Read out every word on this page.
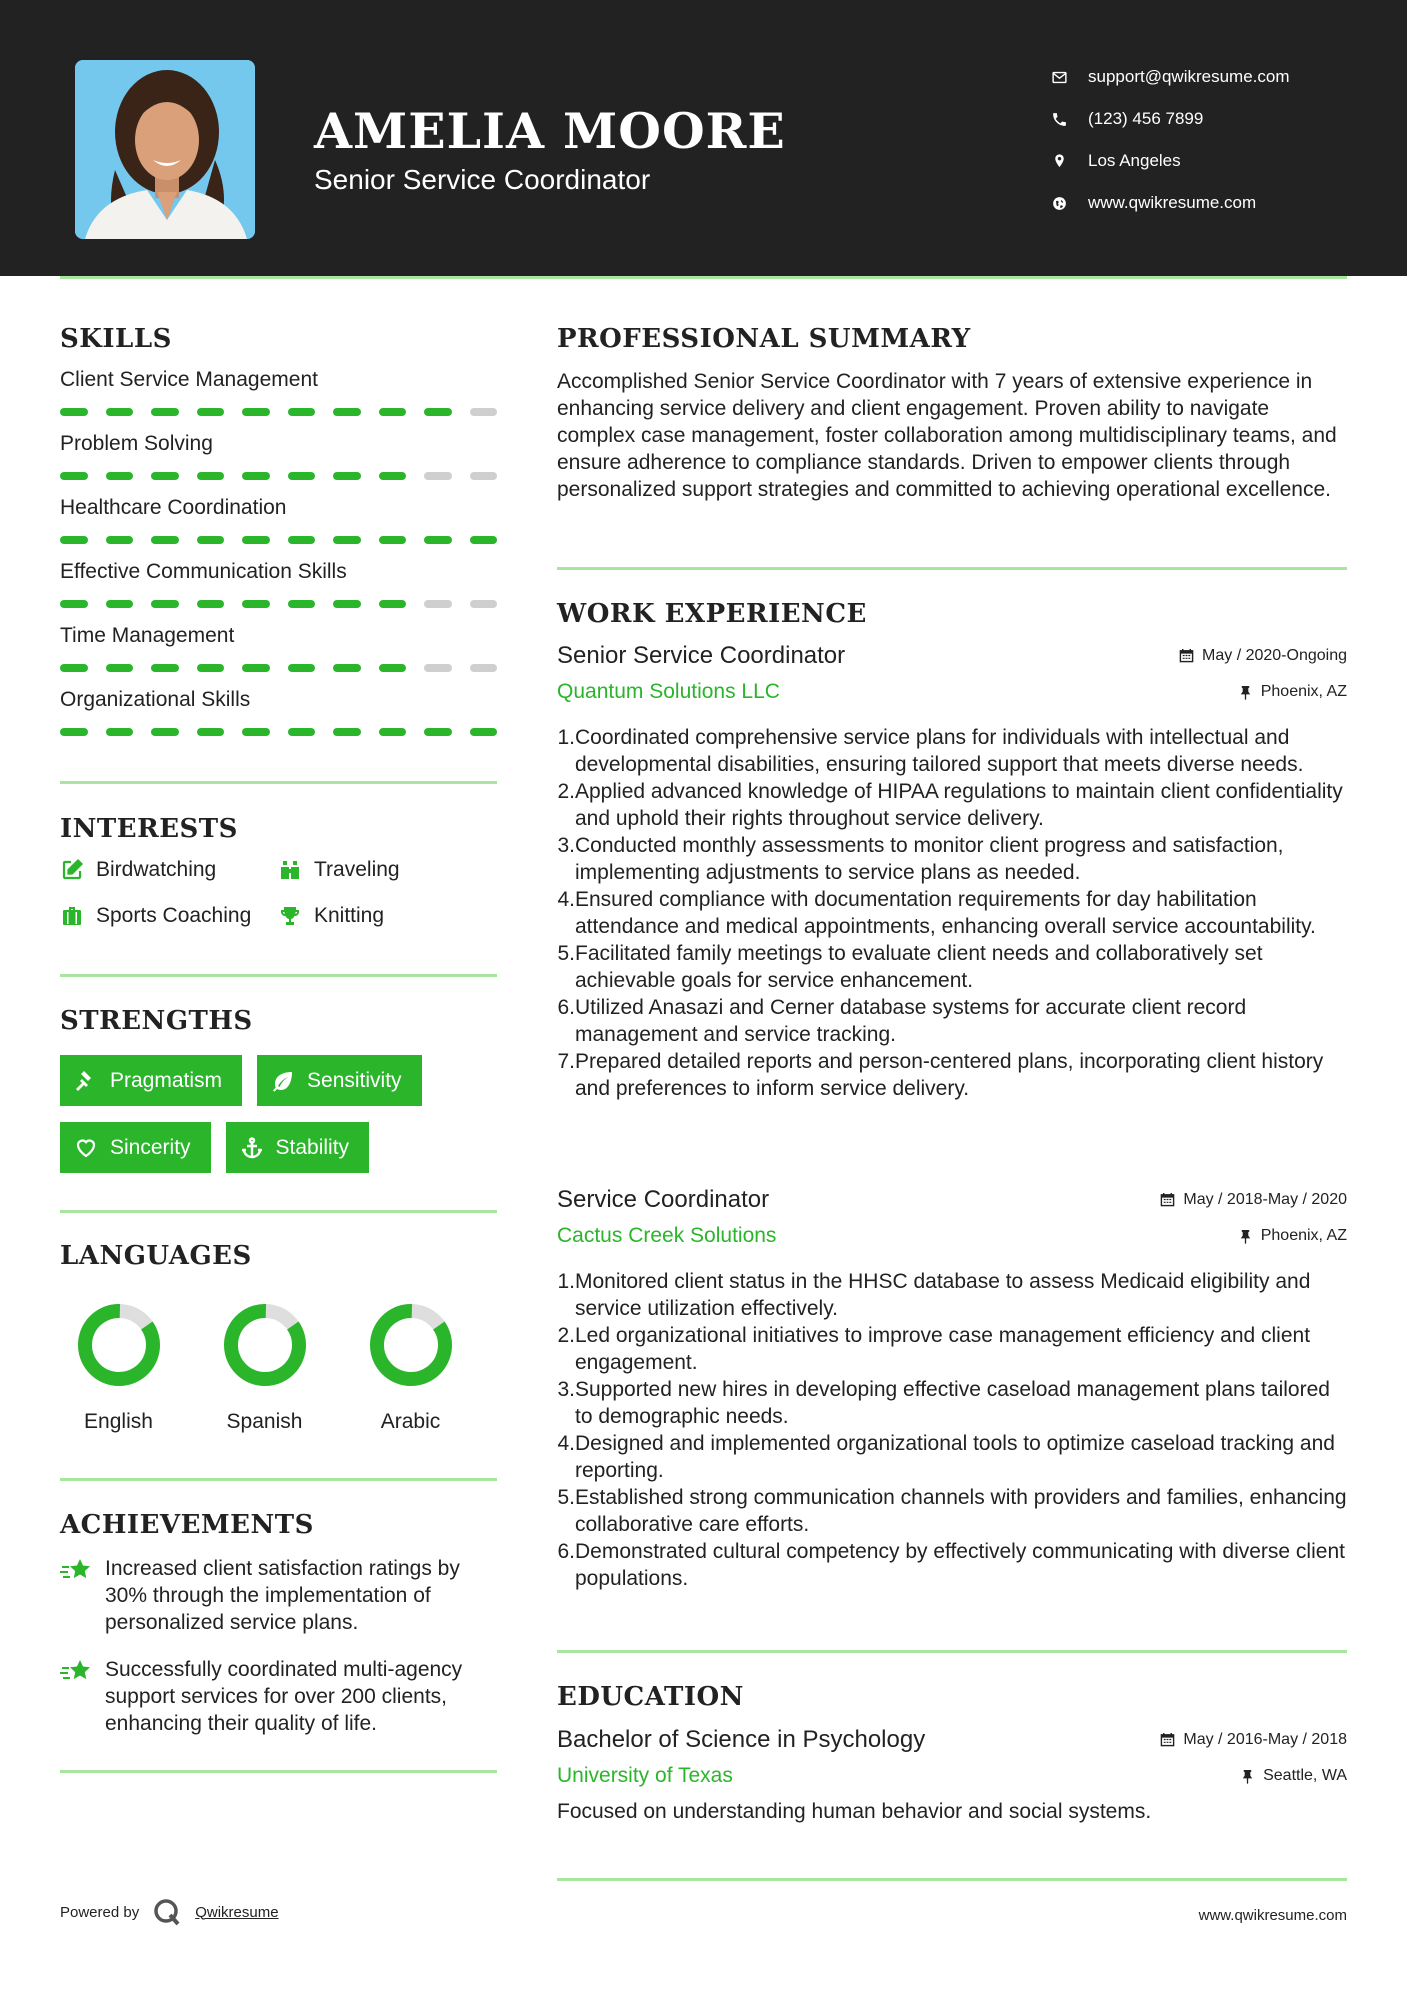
AMELIA MOORE
Senior Service Coordinator
support@qwikresume.com
(123) 456 7899
Los Angeles
www.qwikresume.com
SKILLS
Client Service Management
Problem Solving
Healthcare Coordination
Effective Communication Skills
Time Management
Organizational Skills
INTERESTS
Birdwatching	Traveling
Sports Coaching	Knitting
STRENGTHS
Pragmatism	Sensitivity
Sincerity	Stability
LANGUAGES
English	Spanish	Arabic
ACHIEVEMENTS
Increased client satisfaction ratings by 30% through the implementation of personalized service plans.
Successfully coordinated multi-agency support services for over 200 clients, enhancing their quality of life.
PROFESSIONAL SUMMARY
Accomplished Senior Service Coordinator with 7 years of extensive experience in enhancing service delivery and client engagement. Proven ability to navigate complex case management, foster collaboration among multidisciplinary teams, and ensure adherence to compliance standards. Driven to empower clients through personalized support strategies and committed to achieving operational excellence.
WORK EXPERIENCE
Senior Service Coordinator	May / 2020-Ongoing
Quantum Solutions LLC	Phoenix, AZ
1. Coordinated comprehensive service plans for individuals with intellectual and developmental disabilities, ensuring tailored support that meets diverse needs.
2. Applied advanced knowledge of HIPAA regulations to maintain client confidentiality and uphold their rights throughout service delivery.
3. Conducted monthly assessments to monitor client progress and satisfaction, implementing adjustments to service plans as needed.
4. Ensured compliance with documentation requirements for day habilitation attendance and medical appointments, enhancing overall service accountability.
5. Facilitated family meetings to evaluate client needs and collaboratively set achievable goals for service enhancement.
6. Utilized Anasazi and Cerner database systems for accurate client record management and service tracking.
7. Prepared detailed reports and person-centered plans, incorporating client history and preferences to inform service delivery.
Service Coordinator	May / 2018-May / 2020
Cactus Creek Solutions	Phoenix, AZ
1. Monitored client status in the HHSC database to assess Medicaid eligibility and service utilization effectively.
2. Led organizational initiatives to improve case management efficiency and client engagement.
3. Supported new hires in developing effective caseload management plans tailored to demographic needs.
4. Designed and implemented organizational tools to optimize caseload tracking and reporting.
5. Established strong communication channels with providers and families, enhancing collaborative care efforts.
6. Demonstrated cultural competency by effectively communicating with diverse client populations.
EDUCATION
Bachelor of Science in Psychology	May / 2016-May / 2018
University of Texas	Seattle, WA
Focused on understanding human behavior and social systems.
Powered by	Qwikresume	www.qwikresume.com
